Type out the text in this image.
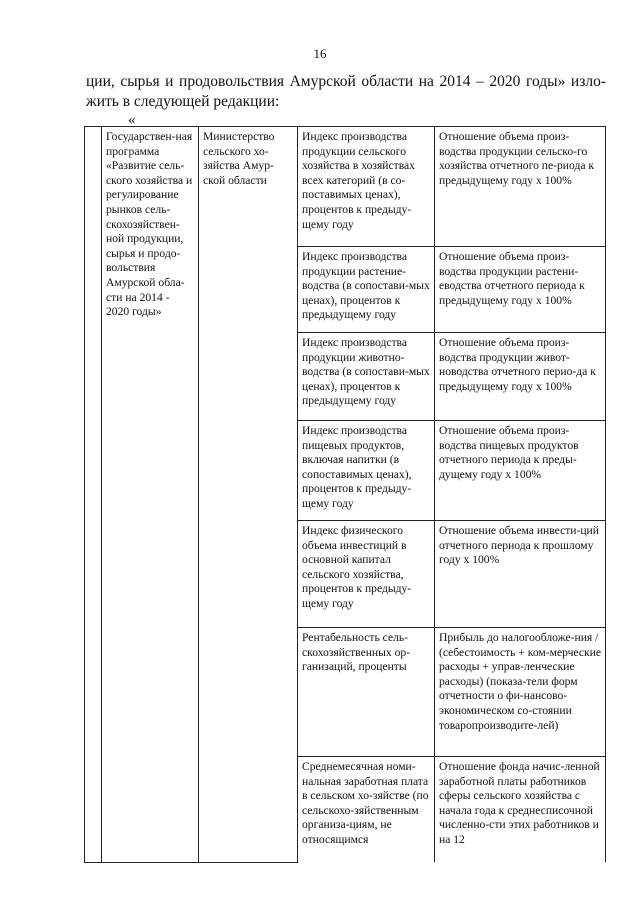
16
ции, сырья и продовольствия Амурской области на 2014 – 2020 годы» изло-
жить в следующей редакции:
«
	Государствен-ная программа «Развитие сель-ского хозяйства и регулирование рынков сель-скохозяйствен-ной продукции, сырья и продо-вольствия Амурской обла-сти на 2014 - 2020 годы»	Министерство сельского хо-зяйства Амур-ской области	Индекс производства продукции сельского хозяйства в хозяйствах всех категорий (в со-поставимых ценах), процентов к предыду-щему году	Отношение объема произ-водства продукции сельско-го хозяйства отчетного пе-риода к предыдущему году х 100%
			Индекс производства продукции растение-водства (в сопостави-мых ценах), процентов к предыдущему году	Отношение объема произ-водства продукции растени-еводства отчетного периода к предыдущему году х 100%
			Индекс производства продукции животно-водства (в сопостави-мых ценах), процентов к предыдущему году	Отношение объема произ-водства продукции живот-новодства отчетного перио-да к предыдущему году х 100%
			Индекс производства пищевых продуктов, включая напитки (в сопоставимых ценах), процентов к предыду-щему году	Отношение объема произ-водства пищевых продуктов отчетного периода к преды-дущему году х 100%
			Индекс физического объема инвестиций в основной капитал сельского хозяйства, процентов к предыду-щему году	Отношение объема инвести-ций отчетного периода к прошлому году х 100%
			Рентабельность сель-скохозяйственных ор-ганизаций, проценты	Прибыль до налогообложе-ния / (себестоимость + ком-мерческие расходы + управ-ленческие расходы) (показа-тели форм отчетности о фи-нансово-экономическом со-стоянии товаропроизводите-лей)
			Среднемесячная номи-нальная заработная плата в сельском хо-зяйстве (по сельскохо-зяйственным организа-циям, не относящимся	Отношение фонда начис-ленной заработной платы работников сферы сельского хозяйства с начала года к среднесписочной численно-сти этих работников и на 12
